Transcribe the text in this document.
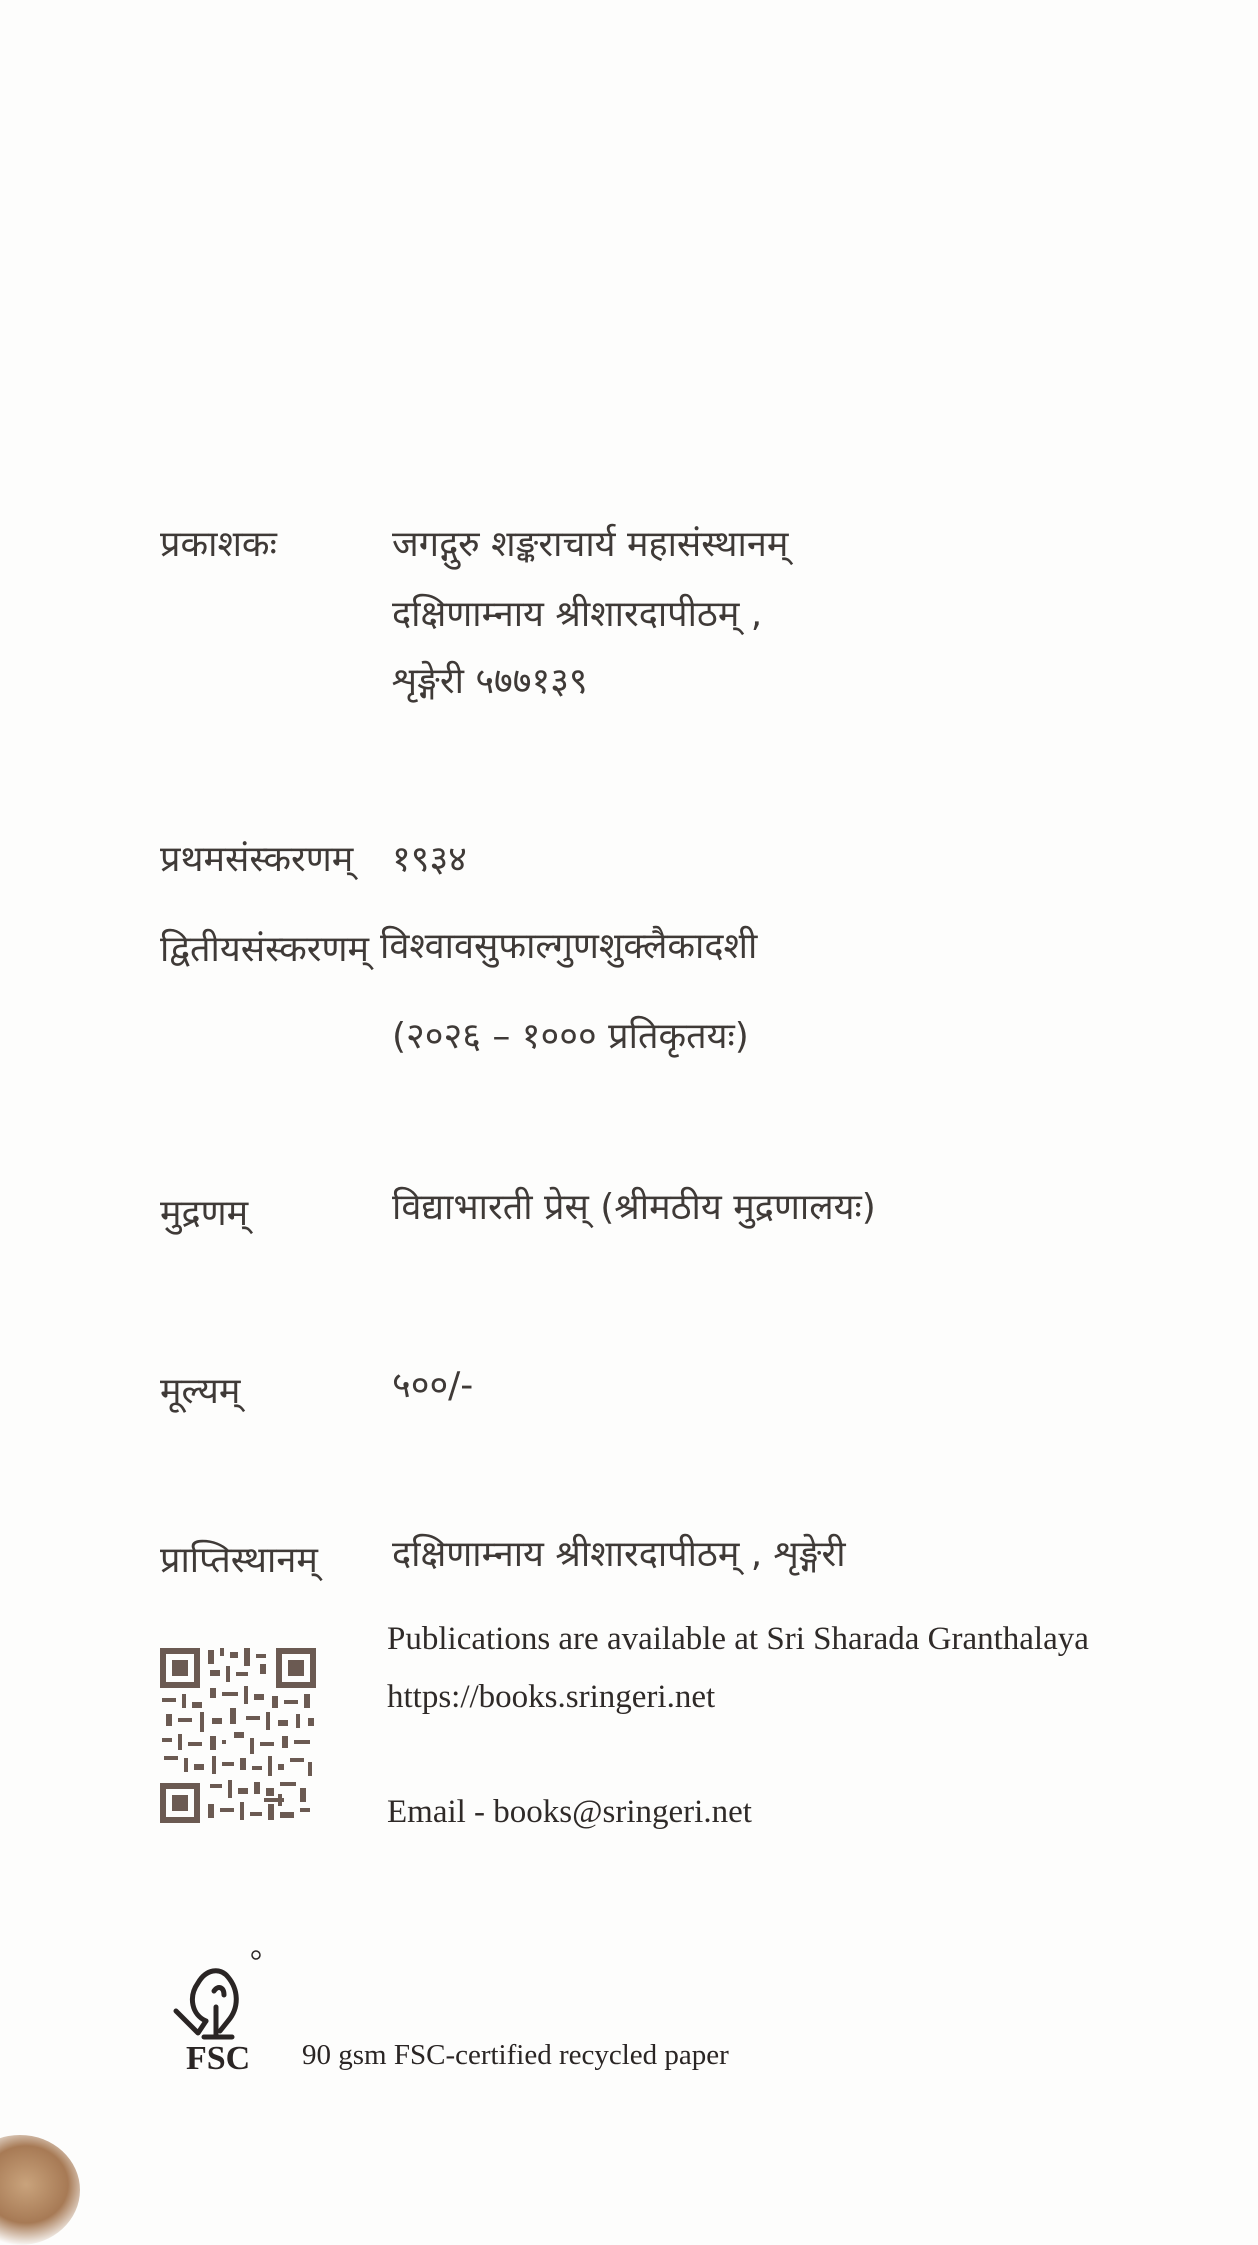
प्रकाशकः	जगद्गुरु शङ्कराचार्य महासंस्थानम्
दक्षिणाम्नाय श्रीशारदापीठम् ,
शृङ्गेरी ५७७१३९
प्रथमसंस्करणम् १९३४
द्वितीयसंस्करणम् विश्वावसुफाल्गुणशुक्लैकादशी
(२०२६ – १००० प्रतिकृतयः)
मुद्रणम्	विद्याभारती प्रेस् (श्रीमठीय मुद्रणालयः)
मूल्यम्	५००/-
प्राप्तिस्थानम् दक्षिणाम्नाय श्रीशारदापीठम् , शृङ्गेरी
Publications are available at Sri Sharada Granthalaya
https://books.sringeri.net
Email - books@sringeri.net
FSC 90 gsm FSC-certified recycled paper
